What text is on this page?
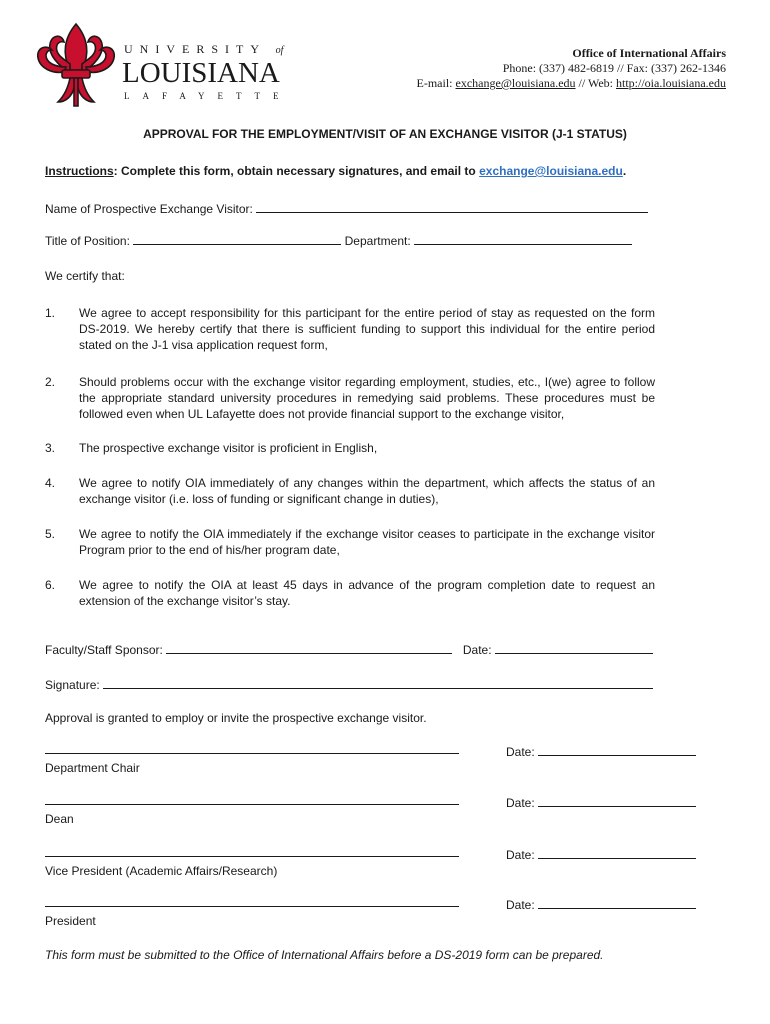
UNIVERSITY of
LOUISIANA
LAFAYETTE
Office of International Affairs
Phone: (337) 482-6819 // Fax: (337) 262-1346
E-mail: exchange@louisiana.edu // Web: http://oia.louisiana.edu
APPROVAL FOR THE EMPLOYMENT/VISIT OF AN EXCHANGE VISITOR (J-1 STATUS)
Instructions: Complete this form, obtain necessary signatures, and email to exchange@louisiana.edu.
Name of Prospective Exchange Visitor:
Title of Position:	Department:
We certify that:
1. We agree to accept responsibility for this participant for the entire period of stay as requested on the form DS-2019. We hereby certify that there is sufficient funding to support this individual for the entire period stated on the J-1 visa application request form,
2. Should problems occur with the exchange visitor regarding employment, studies, etc., I(we) agree to follow the appropriate standard university procedures in remedying said problems. These procedures must be followed even when UL Lafayette does not provide financial support to the exchange visitor,
3. The prospective exchange visitor is proficient in English,
4. We agree to notify OIA immediately of any changes within the department, which affects the status of an exchange visitor (i.e. loss of funding or significant change in duties),
5. We agree to notify the OIA immediately if the exchange visitor ceases to participate in the exchange visitor Program prior to the end of his/her program date,
6. We agree to notify the OIA at least 45 days in advance of the program completion date to request an extension of the exchange visitor’s stay.
Faculty/Staff Sponsor:	Date:
Signature:
Approval is granted to employ or invite the prospective exchange visitor.
Date:
Department Chair
Date:
Dean
Date:
Vice President (Academic Affairs/Research)
Date:
President
This form must be submitted to the Office of International Affairs before a DS-2019 form can be prepared.
